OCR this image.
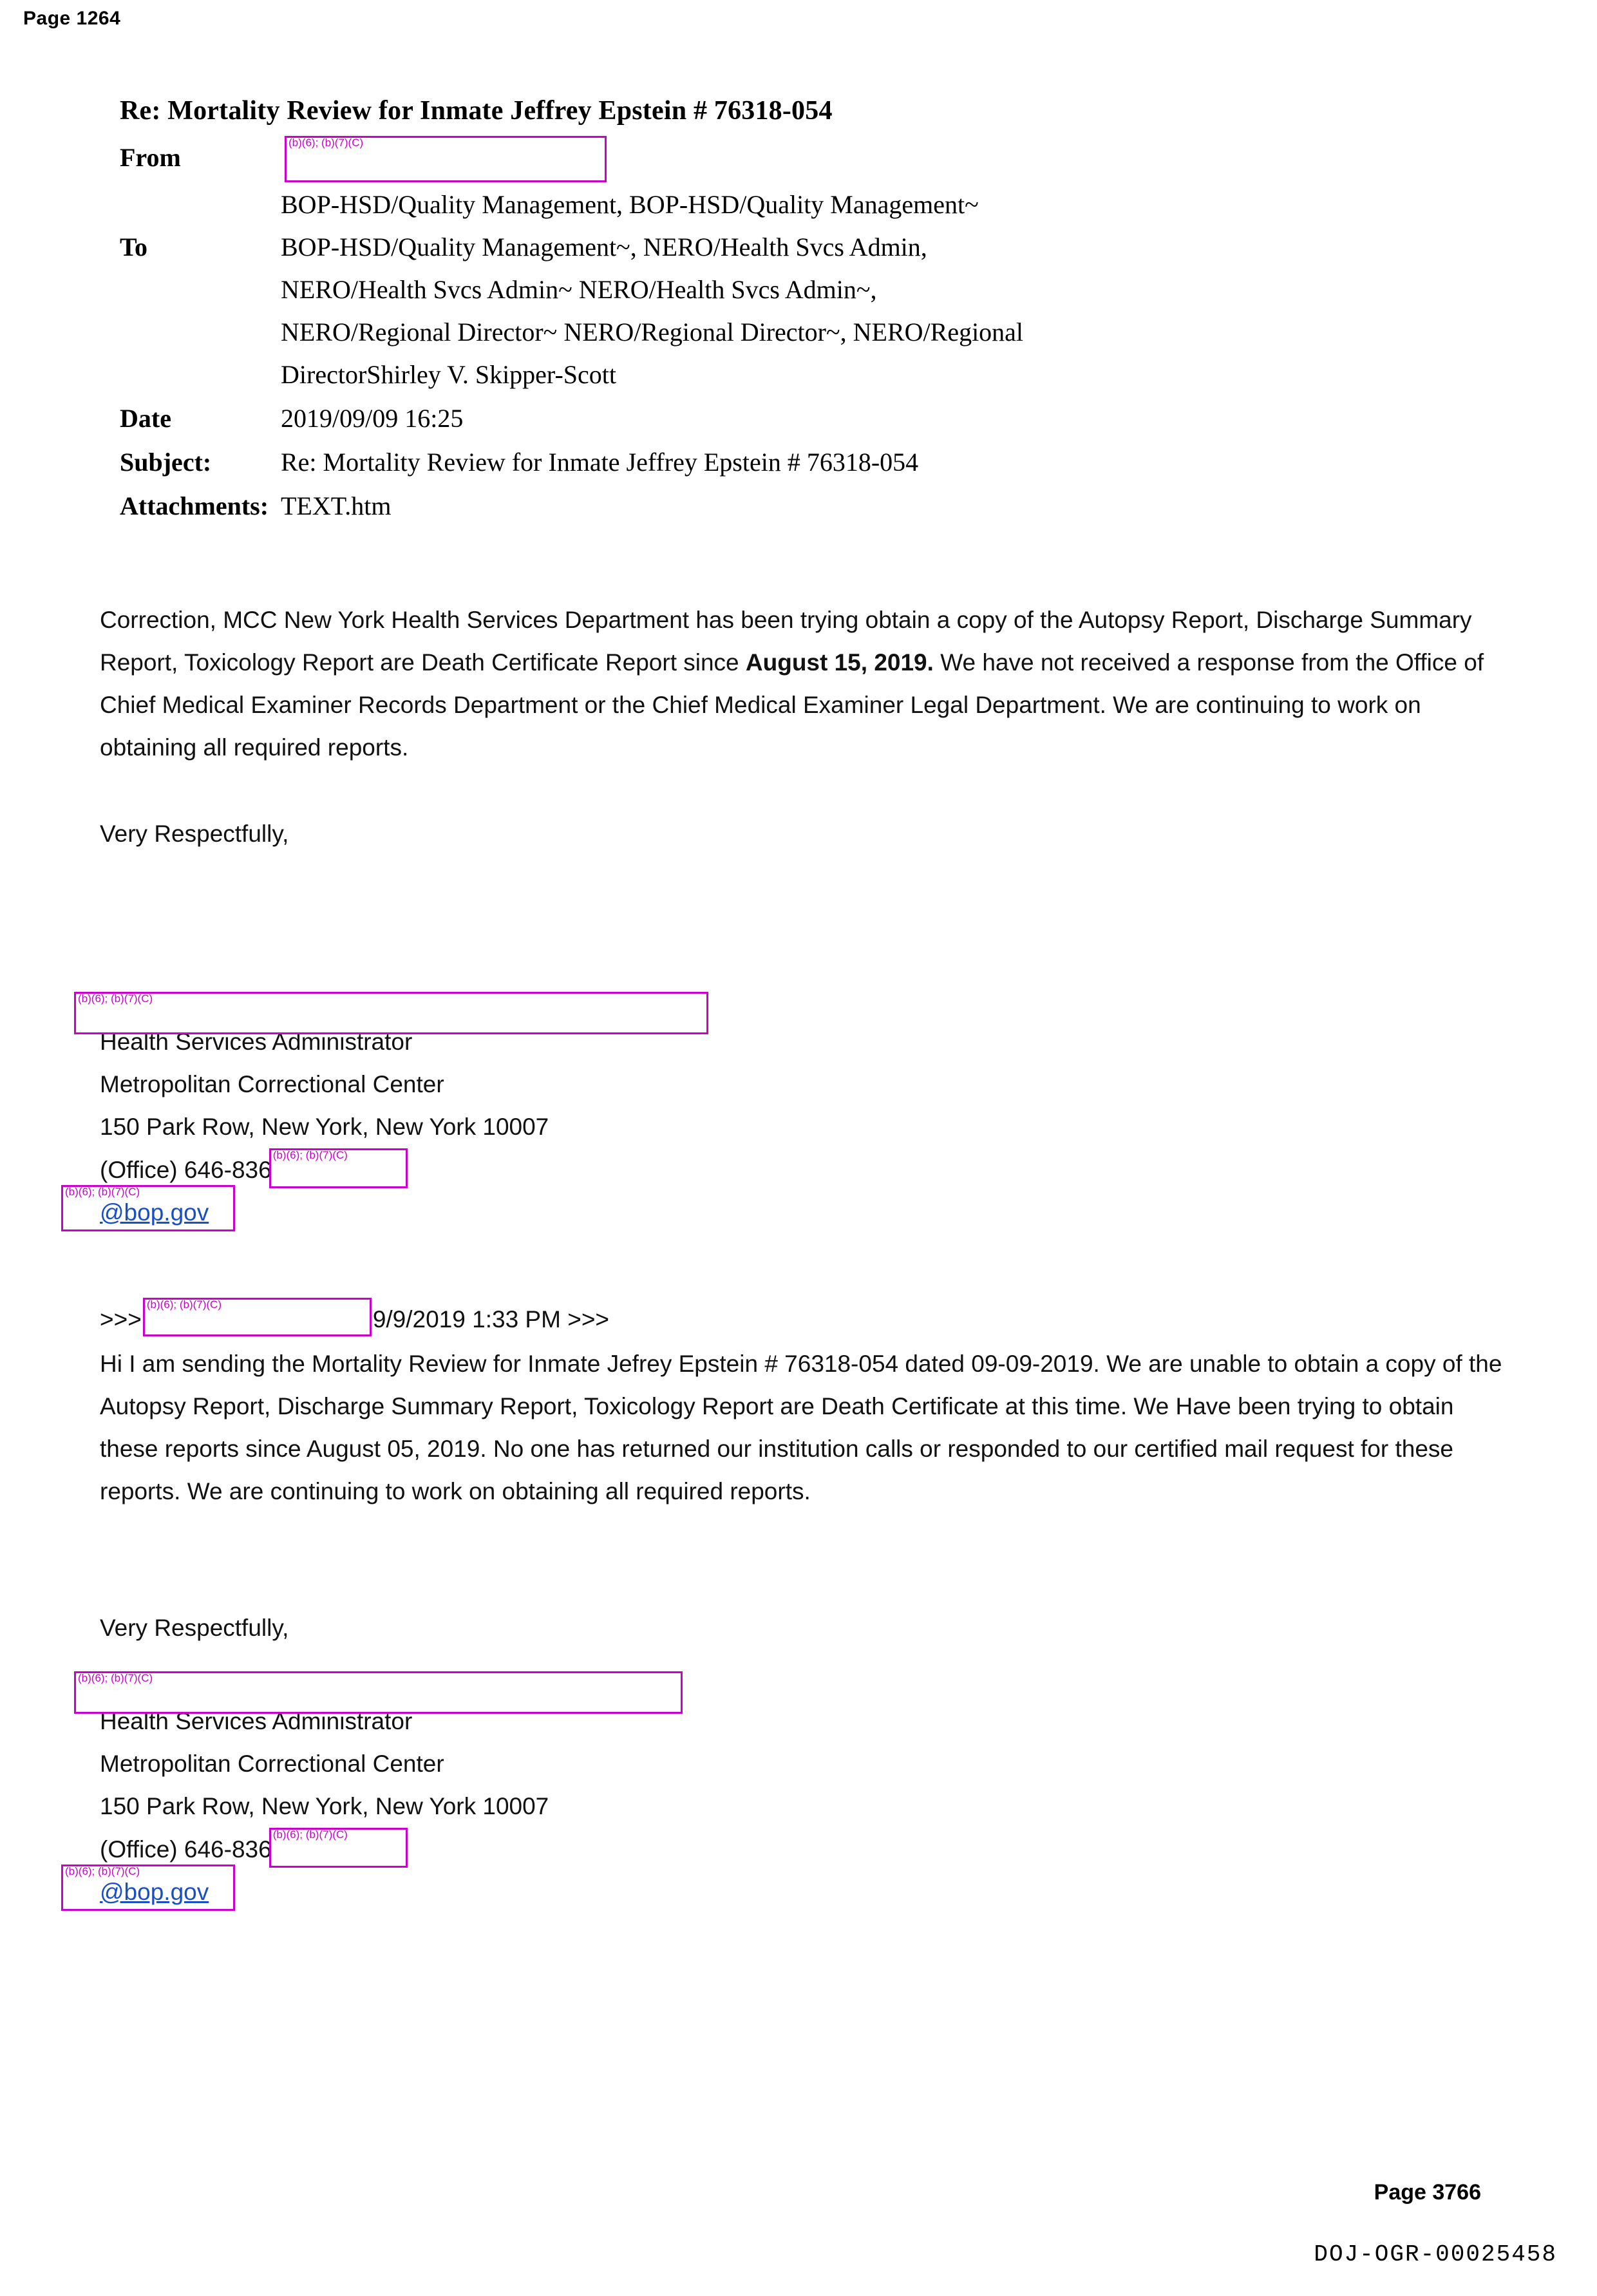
Page 1264
Re: Mortality Review for Inmate Jeffrey Epstein # 76318-054
From
(b)(6); (b)(7)(C)
To
BOP-HSD/Quality Management, BOP-HSD/Quality Management~
BOP-HSD/Quality Management~, NERO/Health Svcs Admin,
NERO/Health Svcs Admin~ NERO/Health Svcs Admin~,
NERO/Regional Director~ NERO/Regional Director~, NERO/Regional
DirectorShirley V. Skipper-Scott
Date	2019/09/09 16:25
Subject:	Re: Mortality Review for Inmate Jeffrey Epstein # 76318-054
Attachments: TEXT.htm
Correction, MCC New York Health Services Department has been trying obtain a copy of the Autopsy Report, Discharge Summary Report, Toxicology Report are Death Certificate Report since August 15, 2019. We have not received a response from the Office of Chief Medical Examiner Records Department or the Chief Medical Examiner Legal Department. We are continuing to work on obtaining all required reports.
Very Respectfully,
(b)(6); (b)(7)(C)
Health Services Administrator
Metropolitan Correctional Center
150 Park Row, New York, New York 10007
(Office) 646-836
(b)(6); (b)(7)(C)
(b)(6); (b)(7)(C)
@bop.gov
>>>
(b)(6); (b)(7)(C)
9/9/2019 1:33 PM >>>
Hi I am sending the Mortality Review for Inmate Jefrey Epstein # 76318-054 dated 09-09-2019. We are unable to obtain a copy of the Autopsy Report, Discharge Summary Report, Toxicology Report are Death Certificate at this time. We Have been trying to obtain these reports since August 05, 2019. No one has returned our institution calls or responded to our certified mail request for these reports. We are continuing to work on obtaining all required reports.
Very Respectfully,
(b)(6); (b)(7)(C)
Health Services Administrator
Metropolitan Correctional Center
150 Park Row, New York, New York 10007
(Office) 646-836
(b)(6); (b)(7)(C)
(b)(6); (b)(7)(C)
@bop.gov
Page 3766
DOJ-OGR-00025458
